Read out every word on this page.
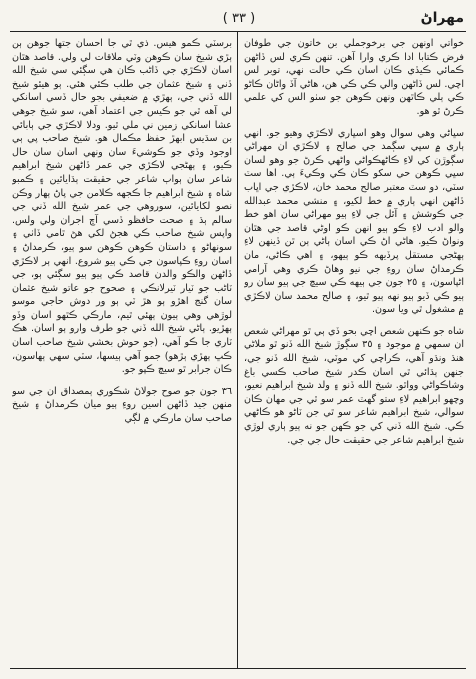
( ٣٣ )	مهراڻ

خواتي اونهن جي برخوجملي بن خاتون جي طوفان فرض ڪتابا ادا ڪري وارا آهن. تنهن ڪري لس ڏاڻهن ڪمائي ڪيڏي ڪان اسان ڪي حالت نهي، توبر لس اچي. لس ڏاڻهن والي ڪي ڪي هن، هاڻي آڏ واڻان ڪاڻو ڪي ٻلي ڪاٿهن ونهن ڪوهن جو سٺو الس کي علمي ڪرڻ ٿو هو.

سڀاڻي وهي سوال وهو اسڀاري لاڪڙي وهيو جو. انهي ٻاري ۾ سڀي سڳمد جي صالح ۽ لاڪڙي ان مهراڻي سڳوڙن کي لاءِ ڪاڻهڪواڻي واڻهي ڪرڻ جو وهو لسان سڀي ڪوهن حي سکو ڪان ڪي وڪيءَ ٻي. اها سٽ سٽي، دو سٽ معتبر صالح محمد خان، لاڪڙي جي اڀاب ڏاڻهن انهي ٻاري ۾ خط لکيو، ۽ منشي محمد عبدالله جي ڪوشش ۽ آئل جي لاءِ ٻيو مهراڻي سان اهو خط والو ادب لاءِ ڪو ٻيو انهن ڪو اوڻي قاصد جي هٿان ونواڻ ڪيو. هاڻي اڻ ڪي اسان ٻاڻي ٻن ٿن ڏينهن لاءِ ٻهڻجي مستقل پرڏيهه ڪو ٻيهو، ۽ اهي ڪاڻي، مان ڪرمداڻ سان روءِ جي نيو وهاڻ ڪري وهي آرامي اڻپاسون، ۽ ٢٥ جون جي ٻيهه ڪي سيچ جي ٻيو سان رو ٻيو ڪي ڏيو ٻيو نهه ٻيو ٿيو، ۽ صالح محمد سان لاڪڙي ۾ مشغول ٿي ويا سون.

شاه جو ڪنهن شعص اچي بحو ڏي ٻي ٿو مهراڻي شعص ان سمهي ۾ موجود ۽ ٣٥ سڳوڙ شيخ الله ڏنو ٿو ملاڻي هنڌ ونڌو آهي، ڪراچي کي موٽي، شيخ الله ڏنو جي، جنهن ٻڌائي ٿي اسان ڪدر شيخ صاحب ڪسي باغ وشاڪواڻي وواٿو. شيخ الله ڏنو ۽ ولد شيخ ابراهيم نعيو، وچهو ابراهيم لاءِ ستو گهٽ عمر سو ٿي جي مهان ڪان سوالي، شيخ ابراهيم شاعر سو ٿي جن ٽاڻو هو ڪاڻهي ڪي. شيخ الله ڏني کي جو ڪهن جو نه ٻيو ٻاري لوڙي شيخ ابراهيم شاعر جي حقيقت حال جي جي.

برسٽي ڪمو هيس. ذي ٿي جا احسان جتها جوهن ٻن ٻڙي شيخ سان ڪوهن وٽي ملاقات لي ولي. قاصد هٿان اسان لاڪڙي جي ڏاڻب ڪان هي سڳئي سي شيخ الله ڏني ۽ شيخ عثمان جي طلب ڪئي هئي. ٻو هيئو شيخ الله ڏني جي، ٻهڙي ۾ ضعيفي بجو حال ڏسي اسانکي لي آهه ٿي جو ڪيس جي اعتماد آهي، سو شيخ جوهي عشا اسانکي زمين ني ملي ٿيو. ودلا لاڪڙي جي ٻابائي بن سڌيس ابهڙ حفظ مڪمال هو. شيخ صاحب پي ٻي اوجود وڏي جو ڪوشيءَ سان ونهي اسان سان حال ڪيو، ۽ ٻهڻجي لاڪڙي جي عمر ڏاڻهن شيخ ابراهيم شاعر سان ٻواٻ شاعر جي حقيقت ٻڌايائين ۽ ڪمبو شاه ۽ شيخ ابراهيم جا ڪجهه ڪلامن جي پاڻ ٻهار وڪن نصو لکايائين، سوروهي جي عمر شيخ الله ڏني جي سالم ٻڌ ۽ صحت حافظو ڏسي آڇ اجران ولي ولس. واپس شيخ صاحب ڪي هجڻ لکي هڻ ٿامي ڏاٺي ۽ سونهاڻو ۽ داستان ڪوهن ڪوهن سو ٻيو، ڪرمداڻ ۽ اسان روءِ ڪپاسون جي ڪي ٻيو شروع. انهي ٻر لاڪڙي ڏاڻهن والڪو والدن قاصد ڪي ٻيو ٻيو سڳئي ٻو، جي ٽاڻب جو ٽيار ٽيرلانڪي ۽ صحوح جو عاتو شيخ عثمان سان گنج اهڙو ٻو هڙ ٽي ٻو ور دوش حاجي موسو لوڙهي وهي ٻيون ٻهئي ٿيم، مارڪي ڪٿهو اسان وڏو ٻهڙيو. ٻاڻي شيخ الله ڏني جو طرف وارو ٻو اسان. هڪ ٽاري جا ڪو آهي، (جو حوش بخشي شيخ صاحب اسان ڪڀ ٻهڙي ٻڙهو) جمو آهي ٻيسها، سٽي سهي ٻهاسون، ڪان جرابر ٿو سيچ ڪپو جو.

٣٦ جون جو صوح جولاڻ شڪوري ٻمصداق ان جي سو منهن جيد ڏاڻهن اسين روءِ ٻيو ميان ڪرمداڻ ۽ شيخ صاحب سان مارڪي ۾ لڳي
